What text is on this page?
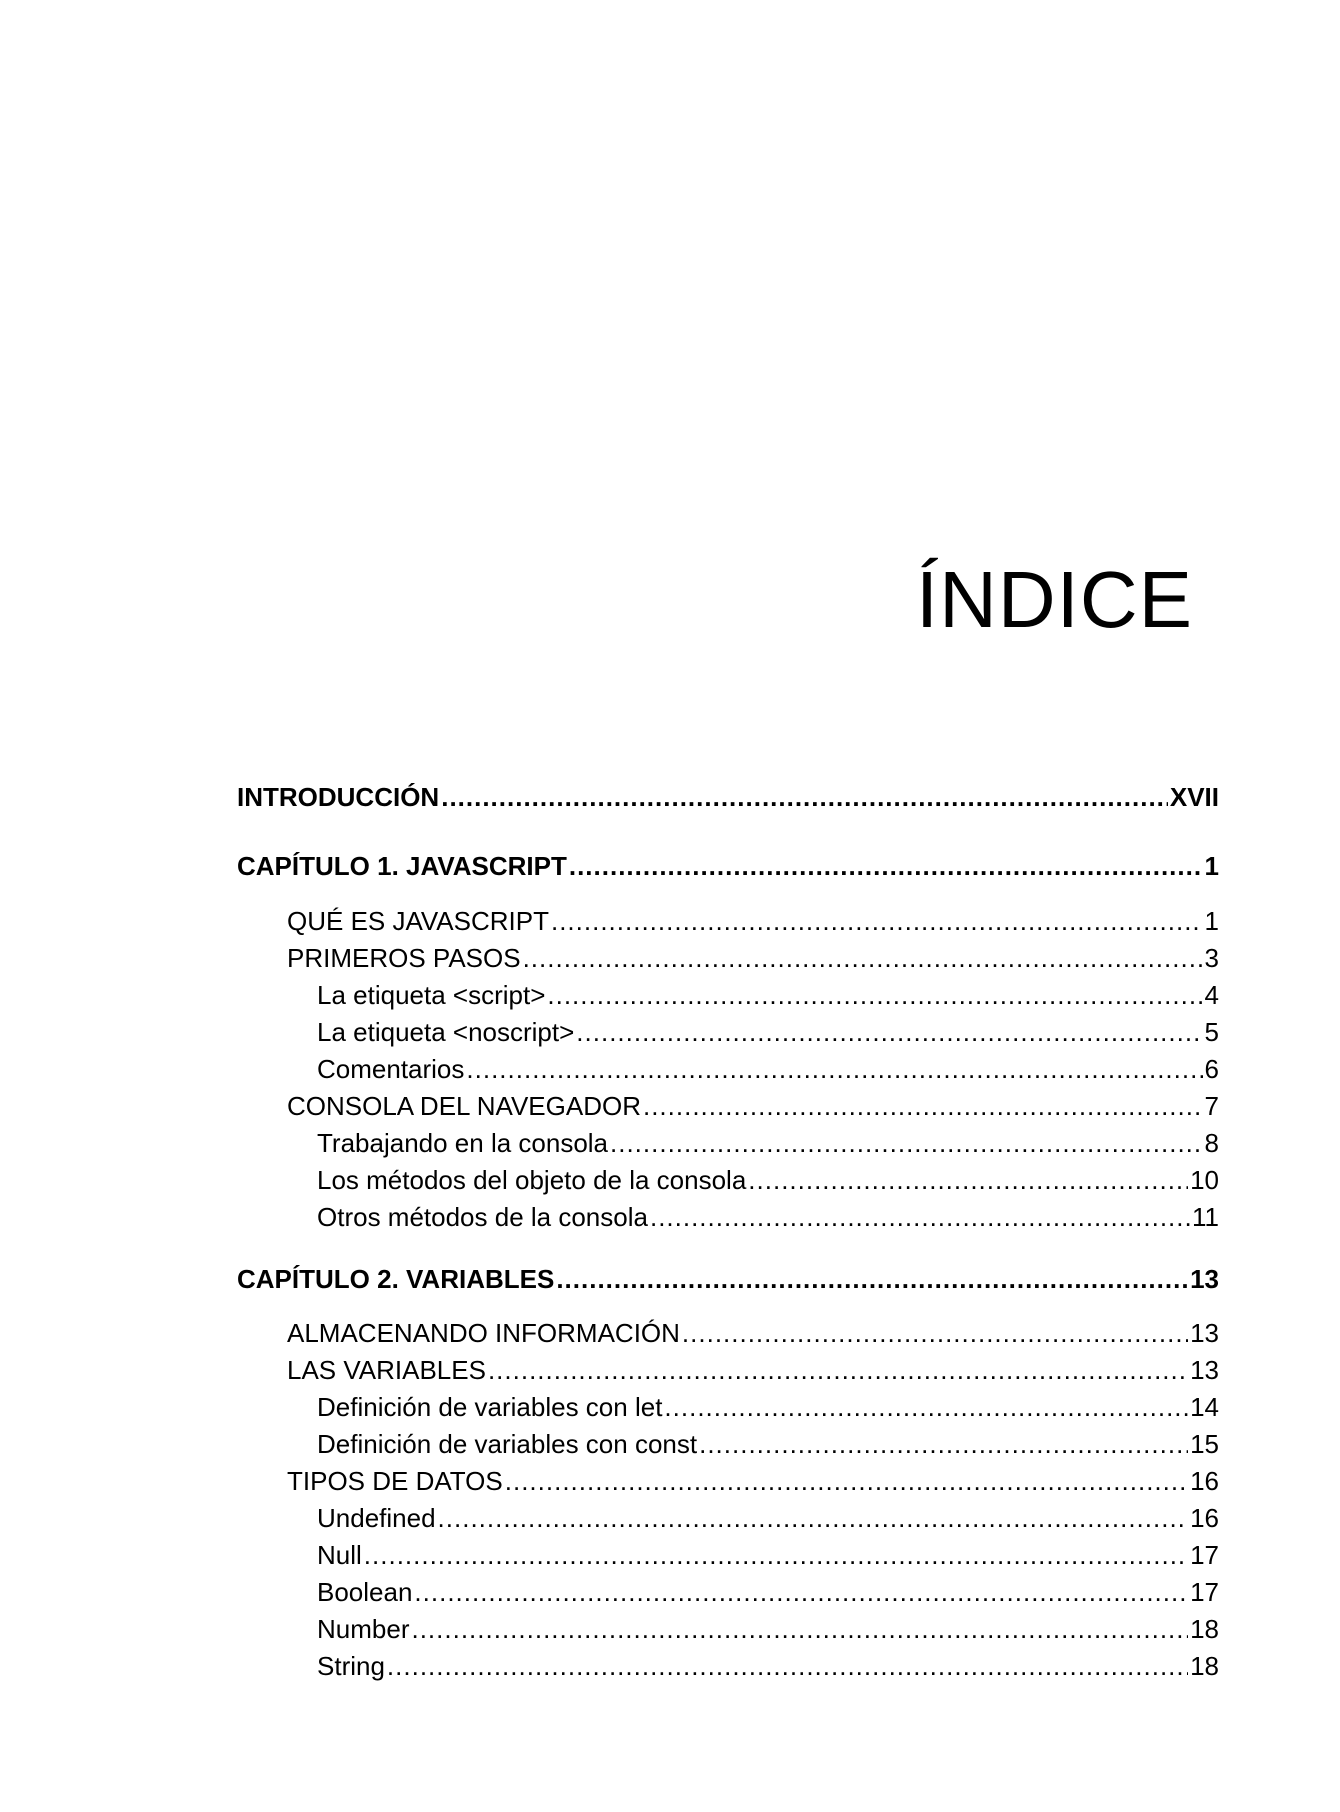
ÍNDICE
INTRODUCCIÓN .....	XVII
CAPÍTULO 1. JAVASCRIPT .....	1
QUÉ ES JAVASCRIPT .....	1
PRIMEROS PASOS .....	3
La etiqueta <script> .....	4
La etiqueta <noscript> .....	5
Comentarios .....	6
CONSOLA DEL NAVEGADOR .....	7
Trabajando en la consola .....	8
Los métodos del objeto de la consola .....	10
Otros métodos de la consola .....	11
CAPÍTULO 2. VARIABLES .....	13
ALMACENANDO INFORMACIÓN .....	13
LAS VARIABLES .....	13
Definición de variables con let .....	14
Definición de variables con const .....	15
TIPOS DE DATOS .....	16
Undefined .....	16
Null .....	17
Boolean .....	17
Number .....	18
String .....	18
